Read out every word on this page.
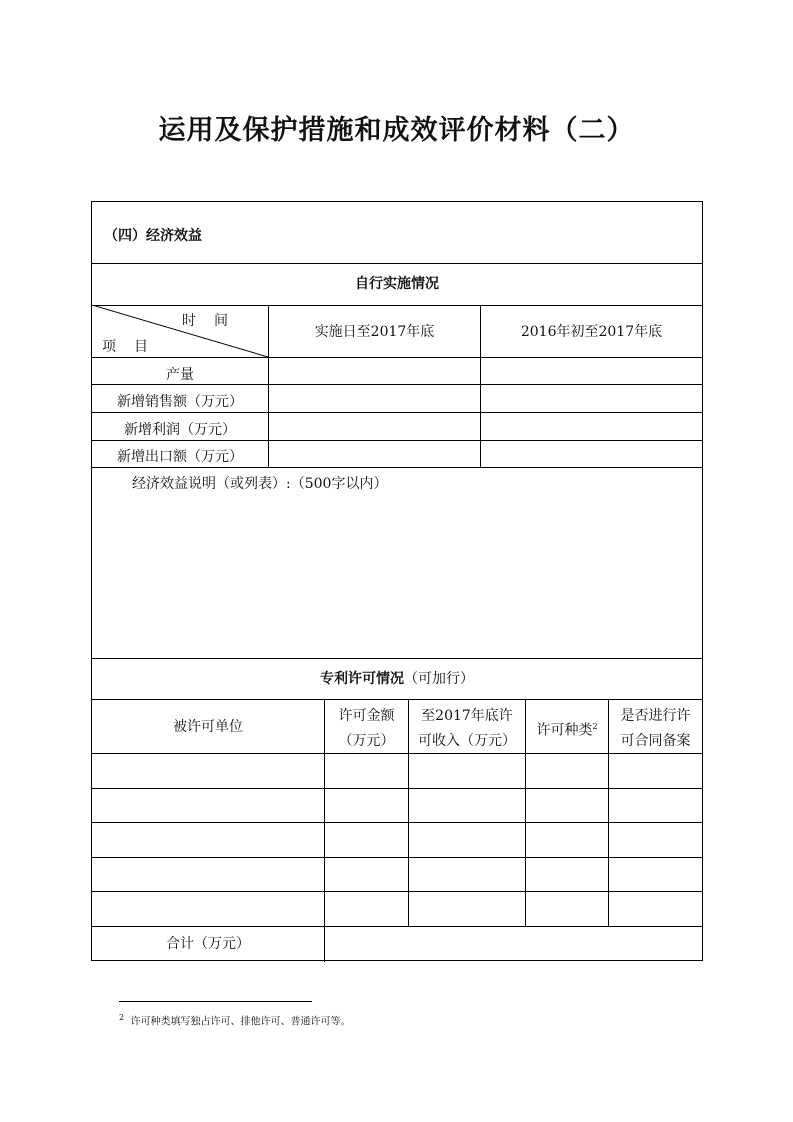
运用及保护措施和成效评价材料（二）
（四）经济效益
自行实施情况
时　间
项　目
实施日至2017年底	2016年初至2017年底
产量
新增销售额（万元）
新增利润（万元）
新增出口额（万元）
经济效益说明（或列表）:（500字以内）
专利许可情况（可加行）
被许可单位
许可金额
（万元）
至2017年底许
可收入（万元）
许可种类$^2$
是否进行许
可合同备案
合计（万元）
$^2$ 许可种类填写独占许可、排他许可、普通许可等。
